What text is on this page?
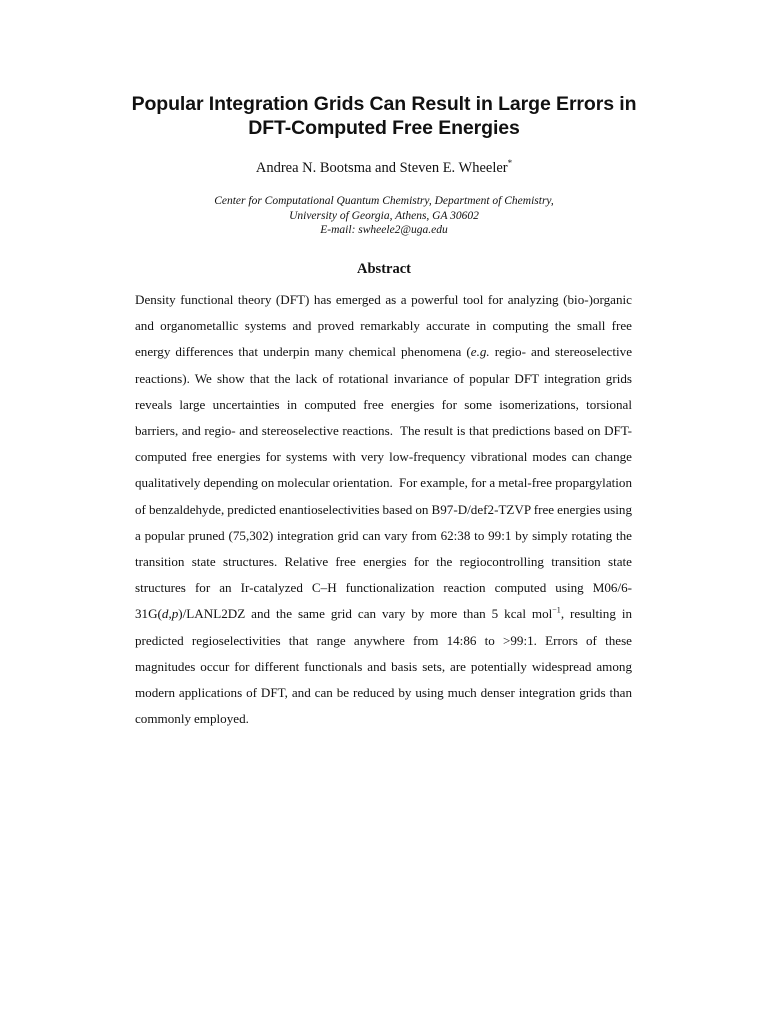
Popular Integration Grids Can Result in Large Errors in
DFT-Computed Free Energies
Andrea N. Bootsma and Steven E. Wheeler*
Center for Computational Quantum Chemistry, Department of Chemistry,
University of Georgia, Athens, GA 30602
E-mail: swheele2@uga.edu
Abstract
Density functional theory (DFT) has emerged as a powerful tool for analyzing (bio-)organic and organometallic systems and proved remarkably accurate in computing the small free energy differences that underpin many chemical phenomena (e.g. regio- and stereoselective reactions). We show that the lack of rotational invariance of popular DFT integration grids reveals large uncertainties in computed free energies for some isomerizations, torsional barriers, and regio- and stereoselective reactions.  The result is that predictions based on DFT-computed free energies for systems with very low-frequency vibrational modes can change qualitatively depending on molecular orientation.  For example, for a metal-free propargylation of benzaldehyde, predicted enantioselectivities based on B97-D/def2-TZVP free energies using a popular pruned (75,302) integration grid can vary from 62:38 to 99:1 by simply rotating the transition state structures. Relative free energies for the regiocontrolling transition state structures for an Ir-catalyzed C–H functionalization reaction computed using M06/6-31G(d,p)/LANL2DZ and the same grid can vary by more than 5 kcal mol$^{-1}$, resulting in predicted regioselectivities that range anywhere from 14:86 to >99:1. Errors of these magnitudes occur for different functionals and basis sets, are potentially widespread among modern applications of DFT, and can be reduced by using much denser integration grids than commonly employed.
